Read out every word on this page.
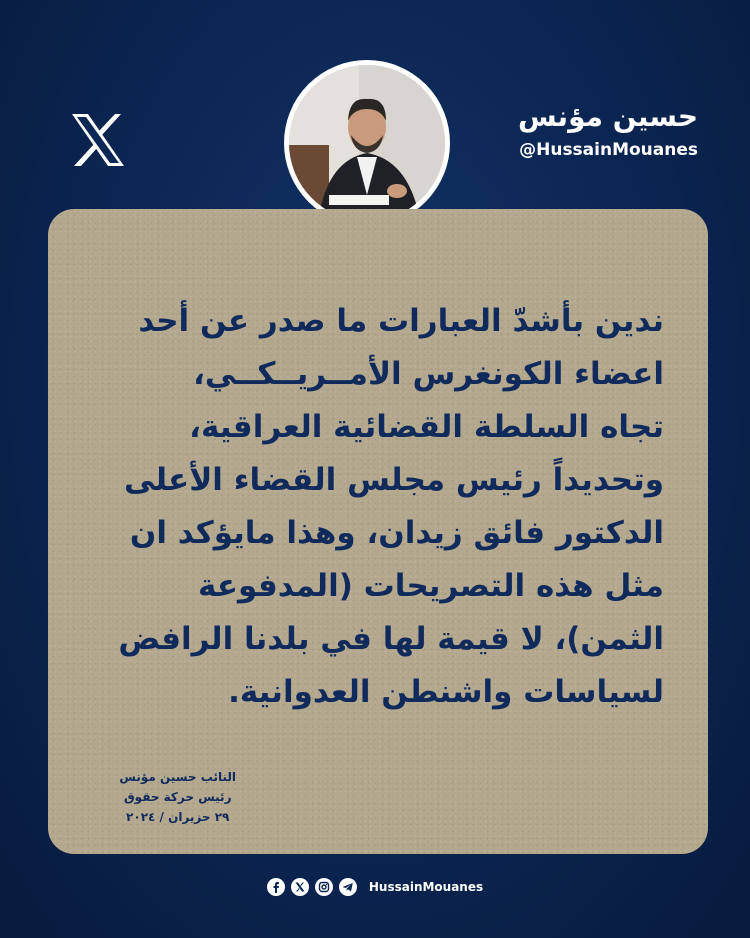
حسين مؤنس
@HussainMouanes

ندين بأشدّ العبارات ما صدر عن أحد
اعضاء الكونغرس الأمــريــكــي،
تجاه السلطة القضائية العراقية،
وتحديداً رئيس مجلس القضاء الأعلى
الدكتور فائق زيدان، وهذا مايؤكد ان
مثل هذه التصريحات (المدفوعة
الثمن)، لا قيمة لها في بلدنا الرافض
لسياسات واشنطن العدوانية.

النائب حسين مؤنس
رئيس حركة حقوق
٢٩ حزيران / ٢٠٢٤
HussainMouanes
